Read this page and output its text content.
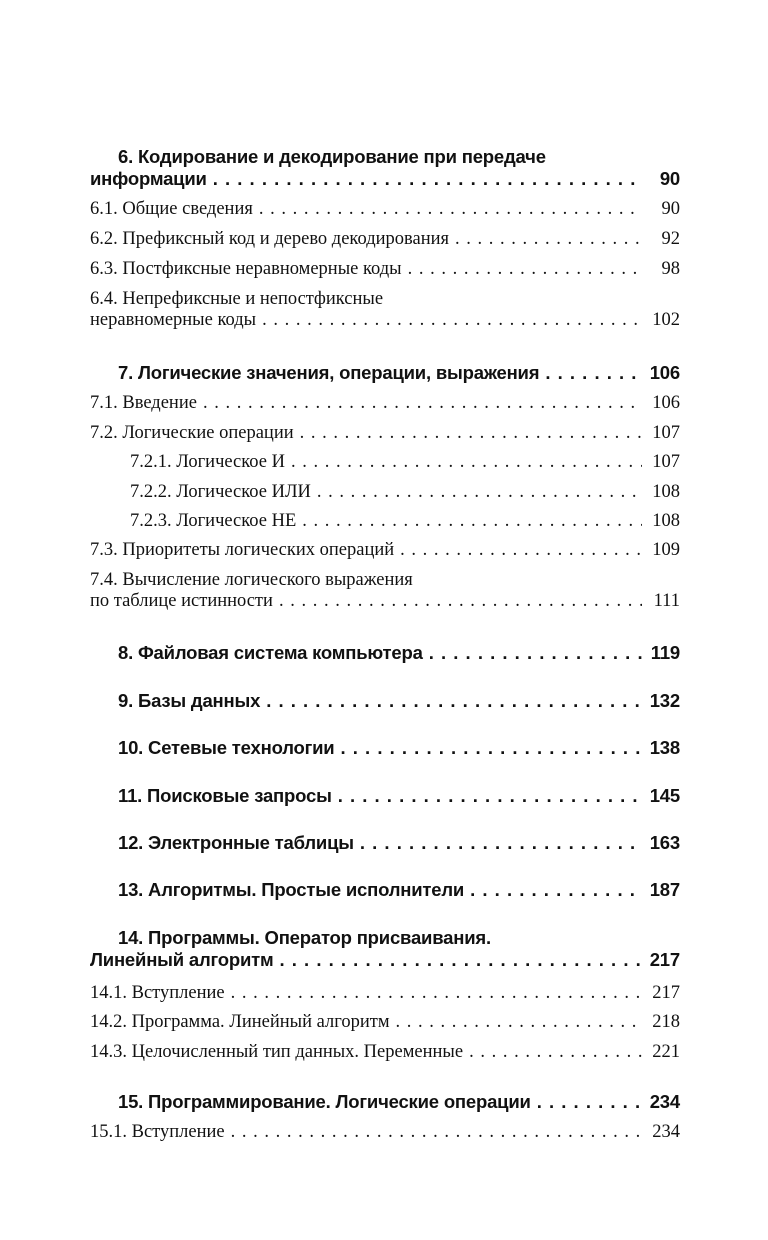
6. Кодирование и декодирование при передаче
информации . . .	90
6.1. Общие сведения . . .	90
6.2. Префиксный код и дерево декодирования . . .	92
6.3. Постфиксные неравномерные коды . . .	98
6.4. Непрефиксные и непостфиксные
неравномерные коды . . .	102
7. Логические значения, операции, выражения . . .	106
7.1. Введение . . .	106
7.2. Логические операции . . .	107
7.2.1. Логическое И . . .	107
7.2.2. Логическое ИЛИ . . .	108
7.2.3. Логическое НЕ . . .	108
7.3. Приоритеты логических операций . . .	109
7.4. Вычисление логического выражения
по таблице истинности . . .	111
8. Файловая система компьютера . . .	119
9. Базы данных . . .	132
10. Сетевые технологии . . .	138
11. Поисковые запросы . . .	145
12. Электронные таблицы . . .	163
13. Алгоритмы. Простые исполнители . . .	187
14. Программы. Оператор присваивания.
Линейный алгоритм . . .	217
14.1. Вступление . . .	217
14.2. Программа. Линейный алгоритм . . .	218
14.3. Целочисленный тип данных. Переменные . . .	221
15. Программирование. Логические операции . . .	234
15.1. Вступление . . .	234
